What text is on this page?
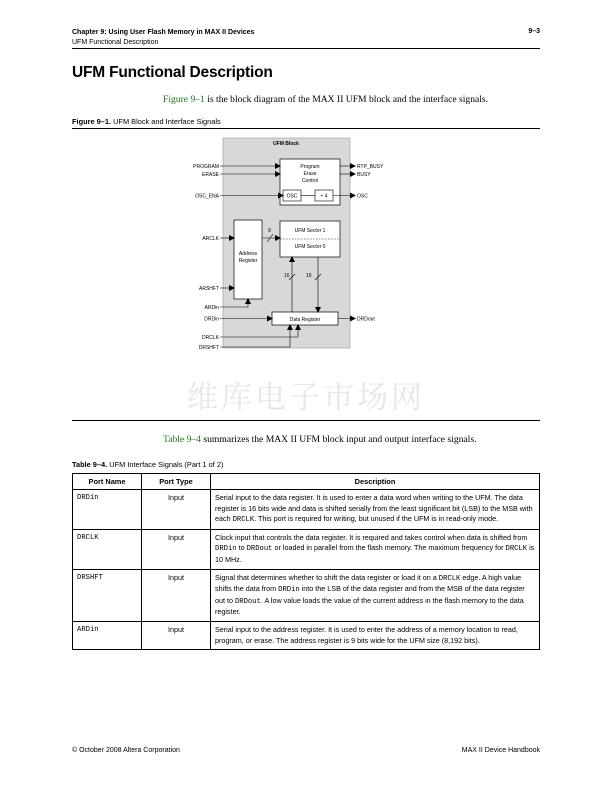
Chapter 9: Using User Flash Memory in MAX II Devices
UFM Functional Description
9–3
UFM Functional Description
Figure 9–1 is the block diagram of the MAX II UFM block and the interface signals.
Figure 9–1. UFM Block and Interface Signals
UFM Block
Program
Erase
Control
OSC	÷ 4
UFM Sector 1
UFM Sector 0
Address
Register
Data Register
PROGRAM
ERASE
OSC_ENA
ARCLK
ARSHFT
ARDin
DRDin
DRCLK
DRSHFT
RTP_BUSY
BUSY
OSC
DRDout
9
16	16
维库电子市场网
Table 9–4 summarizes the MAX II UFM block input and output interface signals.
Table 9–4. UFM Interface Signals (Part 1 of 2)
Port Name	Port Type	Description
DRDin	Input	Serial input to the data register. It is used to enter a data word when writing to the UFM. The data register is 16 bits wide and data is shifted serially from the least significant bit (LSB) to the MSB with each DRCLK. This port is required for writing, but unused if the UFM is in read-only mode.
DRCLK	Input	Clock input that controls the data register. It is required and takes control when data is shifted from DRDin to DRDout or loaded in parallel from the flash memory. The maximum frequency for DRCLK is 10 MHz.
DRSHFT	Input	Signal that determines whether to shift the data register or load it on a DRCLK edge. A high value shifts the data from DRDin into the LSB of the data register and from the MSB of the data register out to DRDout. A low value loads the value of the current address in the flash memory to the data register.
ARDin	Input	Serial input to the address register. It is used to enter the address of a memory location to read, program, or erase. The address register is 9 bits wide for the UFM size (8,192 bits).
© October 2008 Altera Corporation	MAX II Device Handbook
